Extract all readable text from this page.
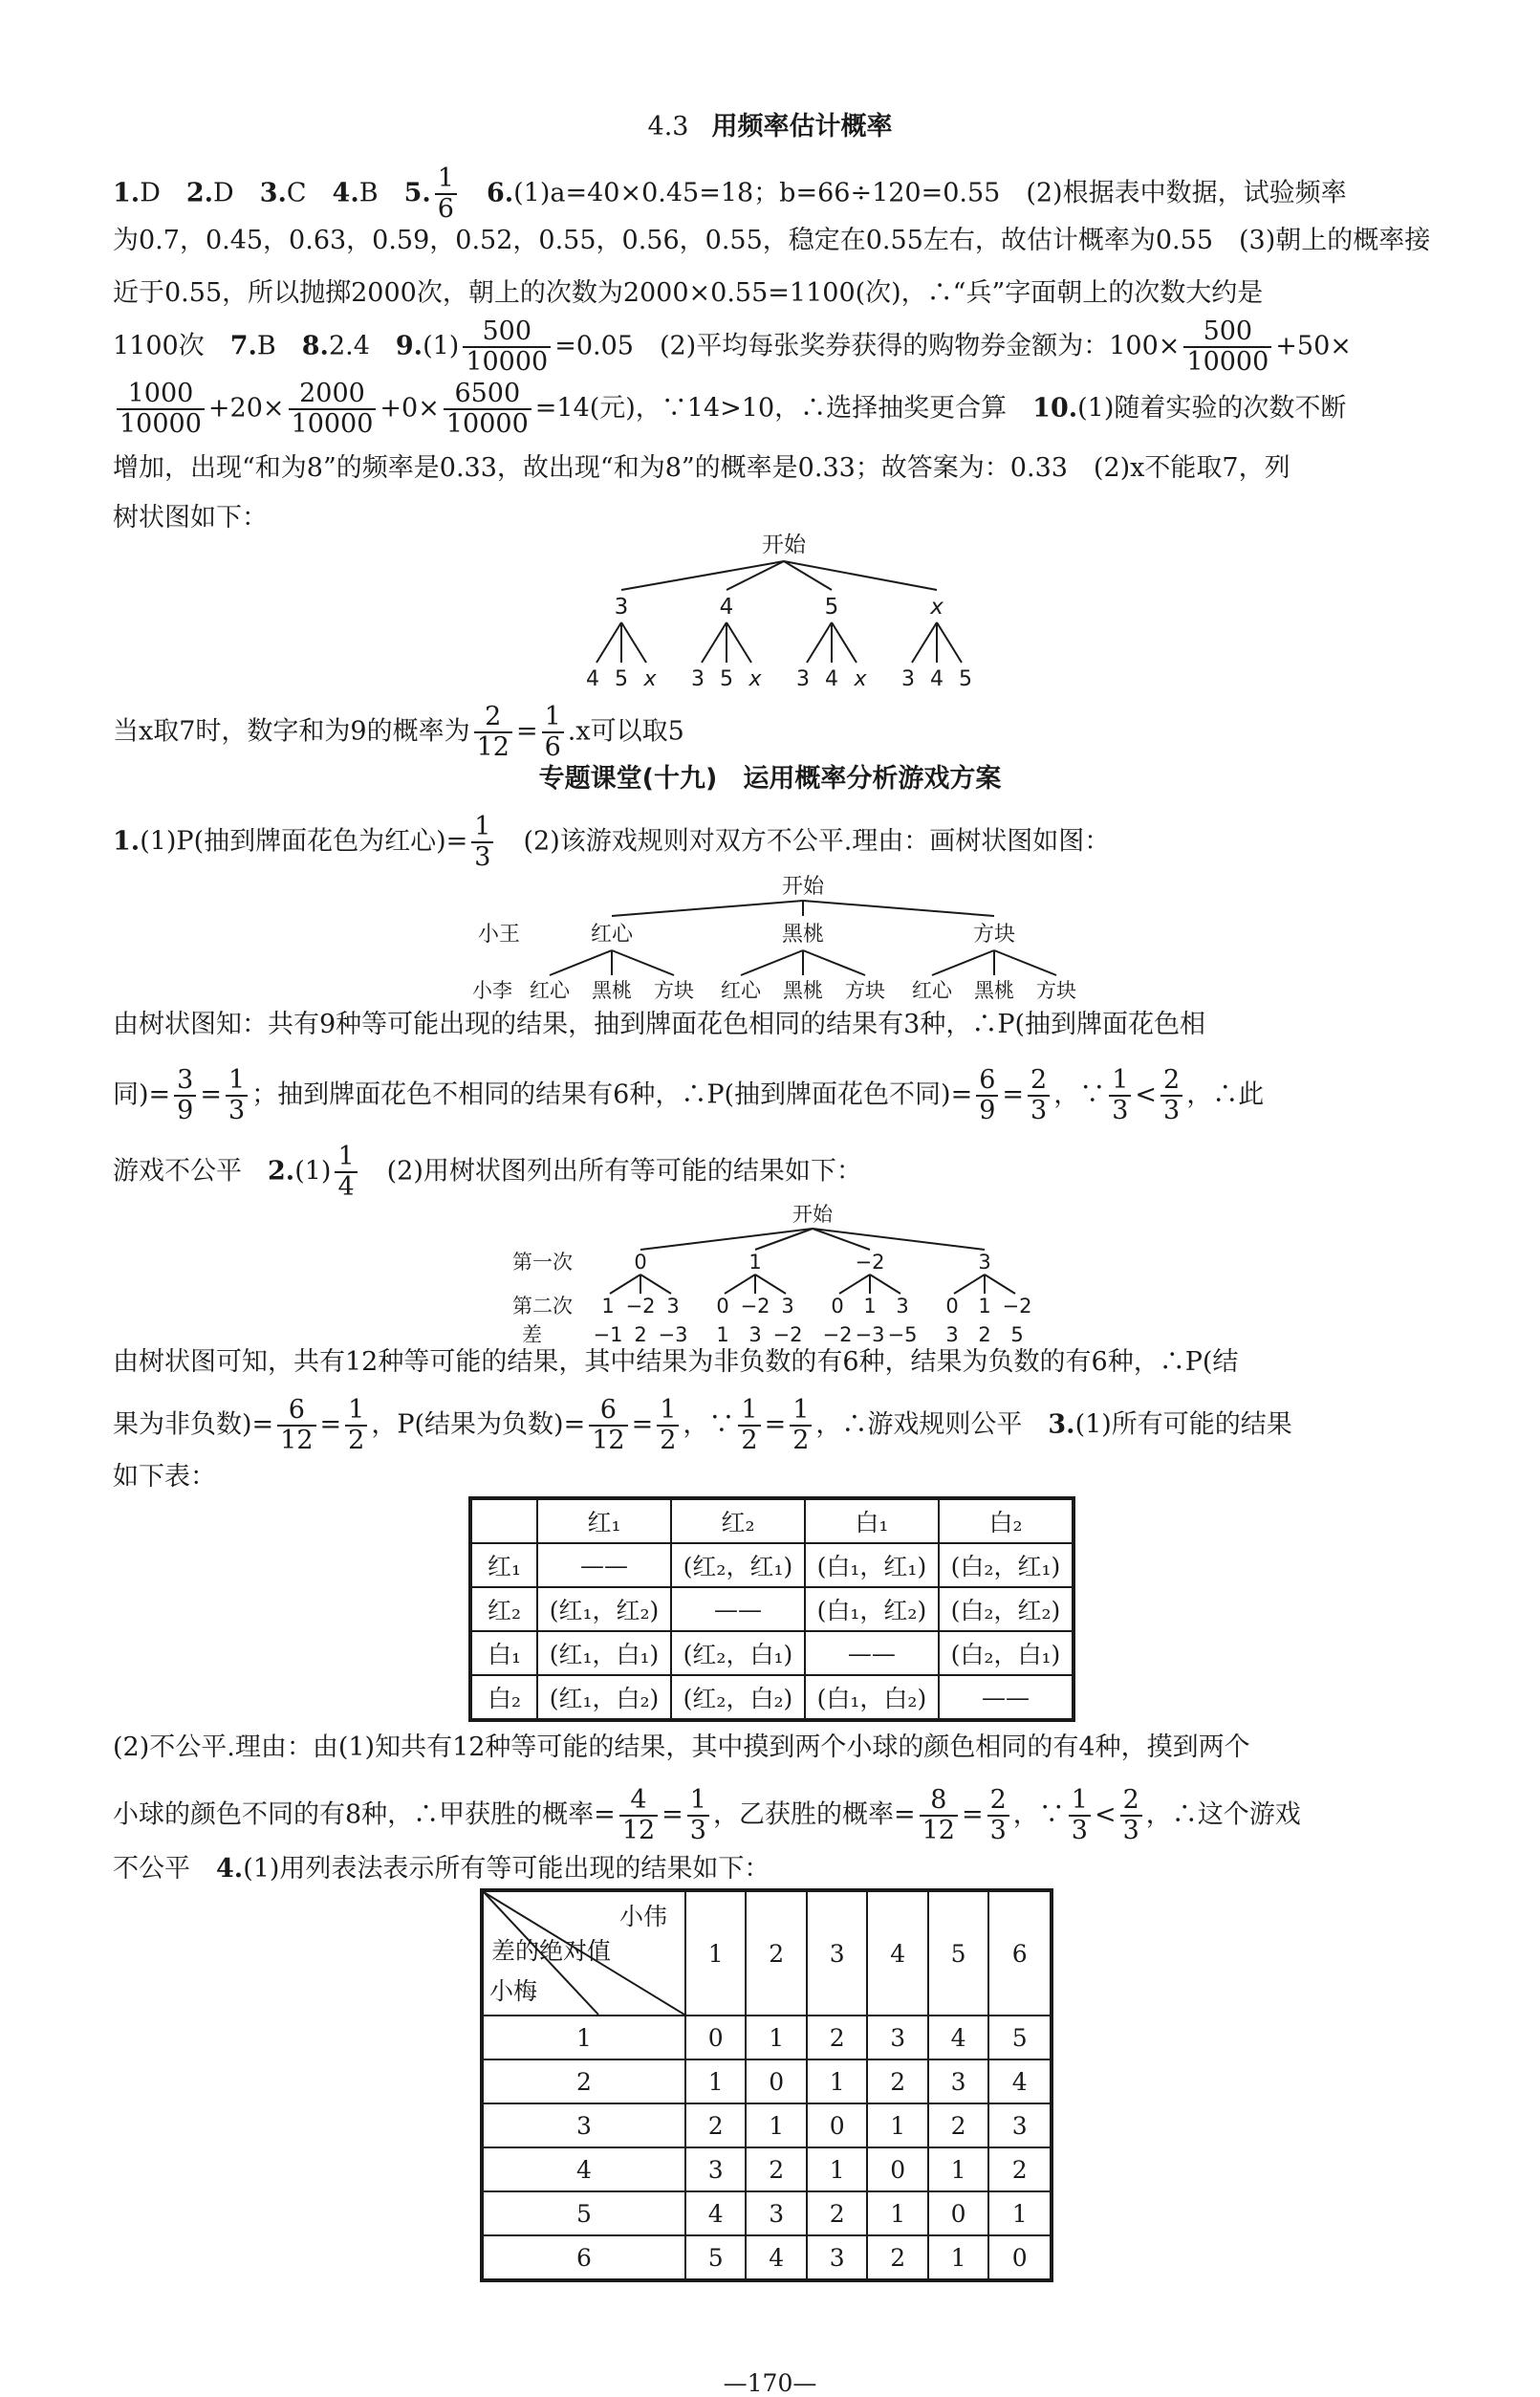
4.3 用频率估计概率
1.D　2.D　3.C　4.B　5. $\frac{1}{6}$ 　6.(1)a=40×0.45=18；b=66÷120=0.55　(2)根据表中数据，试验频率
为0.7，0.45，0.63，0.59，0.52，0.55，0.56，0.55，稳定在0.55左右，故估计概率为0.55　(3)朝上的概率接
近于0.55，所以抛掷2000次，朝上的次数为2000×0.55=1100(次)，∴“兵”字面朝上的次数大约是
1100次　7.B　8.2.4　$9.(1) \frac{500}{10000} =0.05$　(2)平均每张奖券获得的购物券金额为：$100\times \frac{500}{10000} +50\times$
$\frac{1000}{10000} +20\times \frac{2000}{10000} +0\times \frac{6500}{10000} =14$(元)，∵14>10，∴选择抽奖更合算　 10.(1)随着实验的次数不断
增加，出现“和为8”的频率是0.33，故出现“和为8”的概率是0.33；故答案为：0.33　(2)x不能取7，列
树状图如下：
开始
3	4	5	x
4 5 x 3 5 x 3 4 x 3 4 5
当x取7时，数字和为9的概率为 $\frac{2}{12} = \frac{1}{6} .x$可以取5
专题课堂(十九)　运用概率分析游戏方案
1.(1)P(抽到牌面花色为红心)= $\frac{1}{3}$ 　(2)该游戏规则对双方不公平.理由：画树状图如图：
开始
小王	红心	黑桃	方块
小李 红心 黑桃 方块 红心 黑桃 方块 红心 黑桃 方块
由树状图知：共有9种等可能出现的结果，抽到牌面花色相同的结果有3种，∴P(抽到牌面花色相
同)= $\frac{3}{9} = \frac{1}{3}$ ；抽到牌面花色不相同的结果有6种，∴P(抽到牌面花色不同)= $\frac{6}{9} = \frac{2}{3}$ ，∵ $\frac{1}{3} < \frac{2}{3}$ ，∴此
游戏不公平　$2.(1) \frac{1}{4}$ 　(2)用树状图列出所有等可能的结果如下：
开始
第一次	0	1	−2	3
第二次 1 −2 3 0 −2 3 0 1 3 0 1 −2
差	−1 2 −3 1 3 −2 −2 −3 −5 3 2 5
由树状图可知，共有12种等可能的结果，其中结果为非负数的有6种，结果为负数的有6种，∴P(结
果为非负数)= $\frac{6}{12} = \frac{1}{2}$ ，P(结果为负数)= $\frac{6}{12} = \frac{1}{2}$ ，∵ $\frac{1}{2} = \frac{1}{2}$ ，∴游戏规则公平　3.(1)所有可能的结果
如下表：
	红₁	红₂	白₁	白₂
红₁	——	(红₂，红₁)	(白₁，红₁)	(白₂，红₁)
红₂	(红₁，红₂)	——	(白₁，红₂)	(白₂，红₂)
白₁	(红₁，白₁)	(红₂，白₁)	——	(白₂，白₁)
白₂	(红₁，白₂)	(红₂，白₂)	(白₁，白₂)	——
(2)不公平.理由：由(1)知共有12种等可能的结果，其中摸到两个小球的颜色相同的有4种，摸到两个
小球的颜色不同的有8种，∴甲获胜的概率= $\frac{4}{12} = \frac{1}{3}$ ，乙获胜的概率= $\frac{8}{12} = \frac{2}{3}$ ，∵ $\frac{1}{3} < \frac{2}{3}$ ，∴这个游戏
不公平　4.(1)用列表法表示所有等可能出现的结果如下：
小伟
差的绝对值
小梅	1	2	3	4	5	6
1	0	1	2	3	4	5
2	1	0	1	2	3	4
3	2	1	0	1	2	3
4	3	2	1	0	1	2
5	4	3	2	1	0	1
6	5	4	3	2	1	0
—170—
